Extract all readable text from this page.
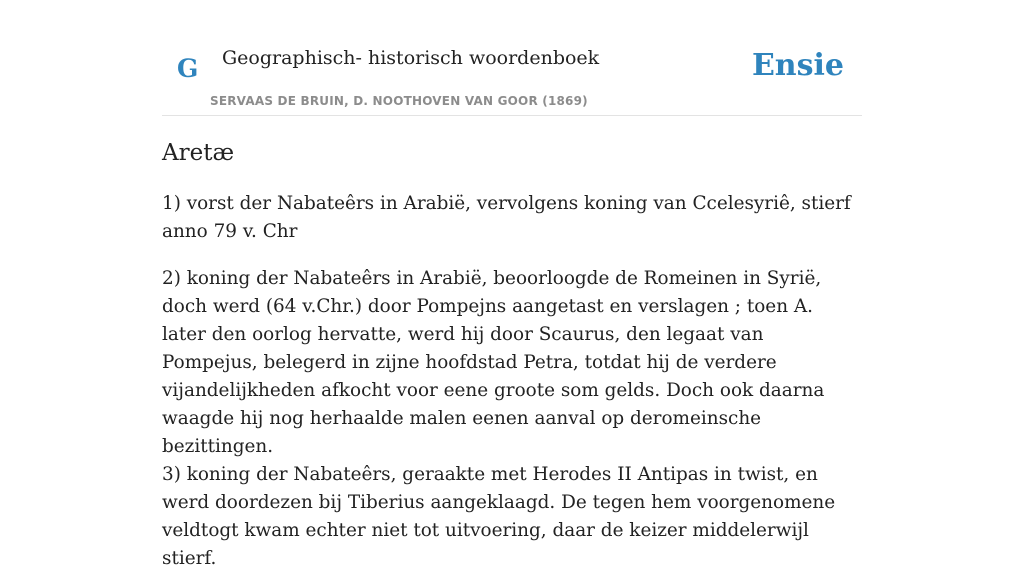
G Geographisch- historisch woordenboek
SERVAAS DE BRUIN, D. NOOTHOVEN VAN GOOR (1869)
Ensie
Aretæ

1) vorst der Nabateêrs in Arabië, vervolgens koning van Ccelesyriê, stierf anno 79 v. Chr

2) koning der Nabateêrs in Arabië, beoorloogde de Romeinen in Syrië, doch werd (64 v.Chr.) door Pompejns aangetast en verslagen ; toen A. later den oorlog hervatte, werd hij door Scaurus, den legaat van Pompejus, belegerd in zijne hoofdstad Petra, totdat hij de verdere vijandelijkheden afkocht voor eene groote som gelds. Doch ook daarna waagde hij nog herhaalde malen eenen aanval op deromeinsche bezittingen.

3) koning der Nabateêrs, geraakte met Herodes II Antipas in twist, en werd doordezen bij Tiberius aangeklaagd. De tegen hem voorgenomene veldtogt kwam echter niet tot uitvoering, daar de keizer middelerwijl stierf.
